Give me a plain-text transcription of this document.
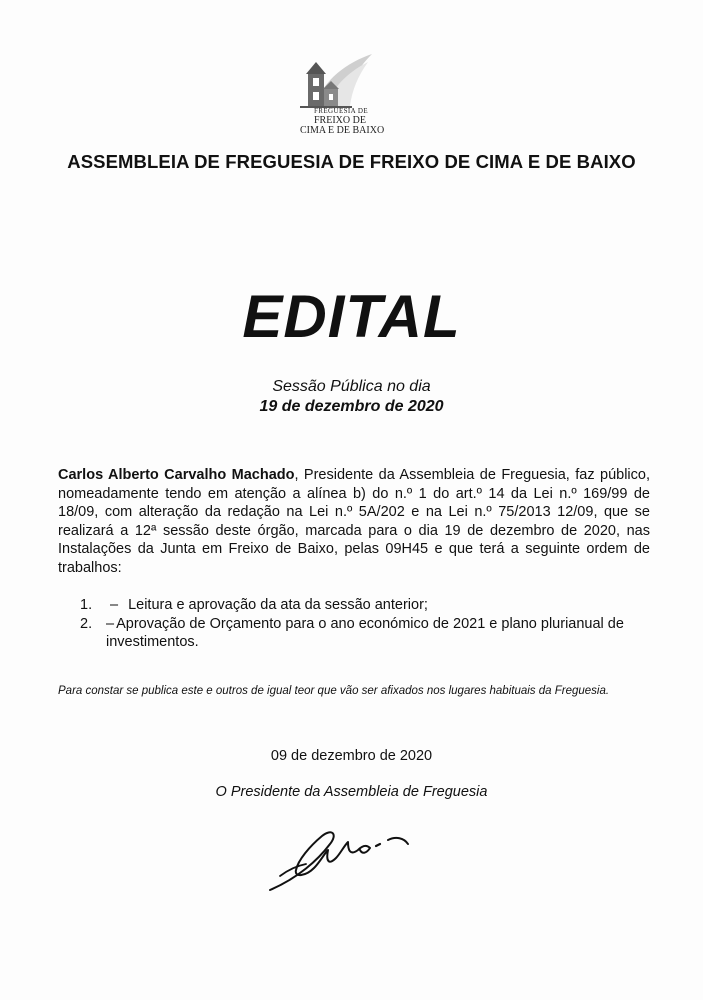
FREGUESIA DE
FREIXO DE
CIMA E DE BAIXO
ASSEMBLEIA DE FREGUESIA DE FREIXO DE CIMA E DE BAIXO
EDITAL
Sessão Pública no dia
19 de dezembro de 2020
Carlos Alberto Carvalho Machado, Presidente da Assembleia de Freguesia, faz público, nomeadamente tendo em atenção a alínea b) do n.º 1 do art.º 14 da Lei n.º 169/99 de 18/09, com alteração da redação na Lei n.º 5A/202 e na Lei n.º 75/2013 12/09, que se realizará a 12ª sessão deste órgão, marcada para o dia 19 de dezembro de 2020, nas Instalações da Junta em Freixo de Baixo, pelas 09H45 e que terá a seguinte ordem de trabalhos:
1. – Leitura e aprovação da ata da sessão anterior;
2. – Aprovação de Orçamento para o ano económico de 2021 e plano plurianual de investimentos.
Para constar se publica este e outros de igual teor que vão ser afixados nos lugares habituais da Freguesia.
09 de dezembro de 2020
O Presidente da Assembleia de Freguesia
